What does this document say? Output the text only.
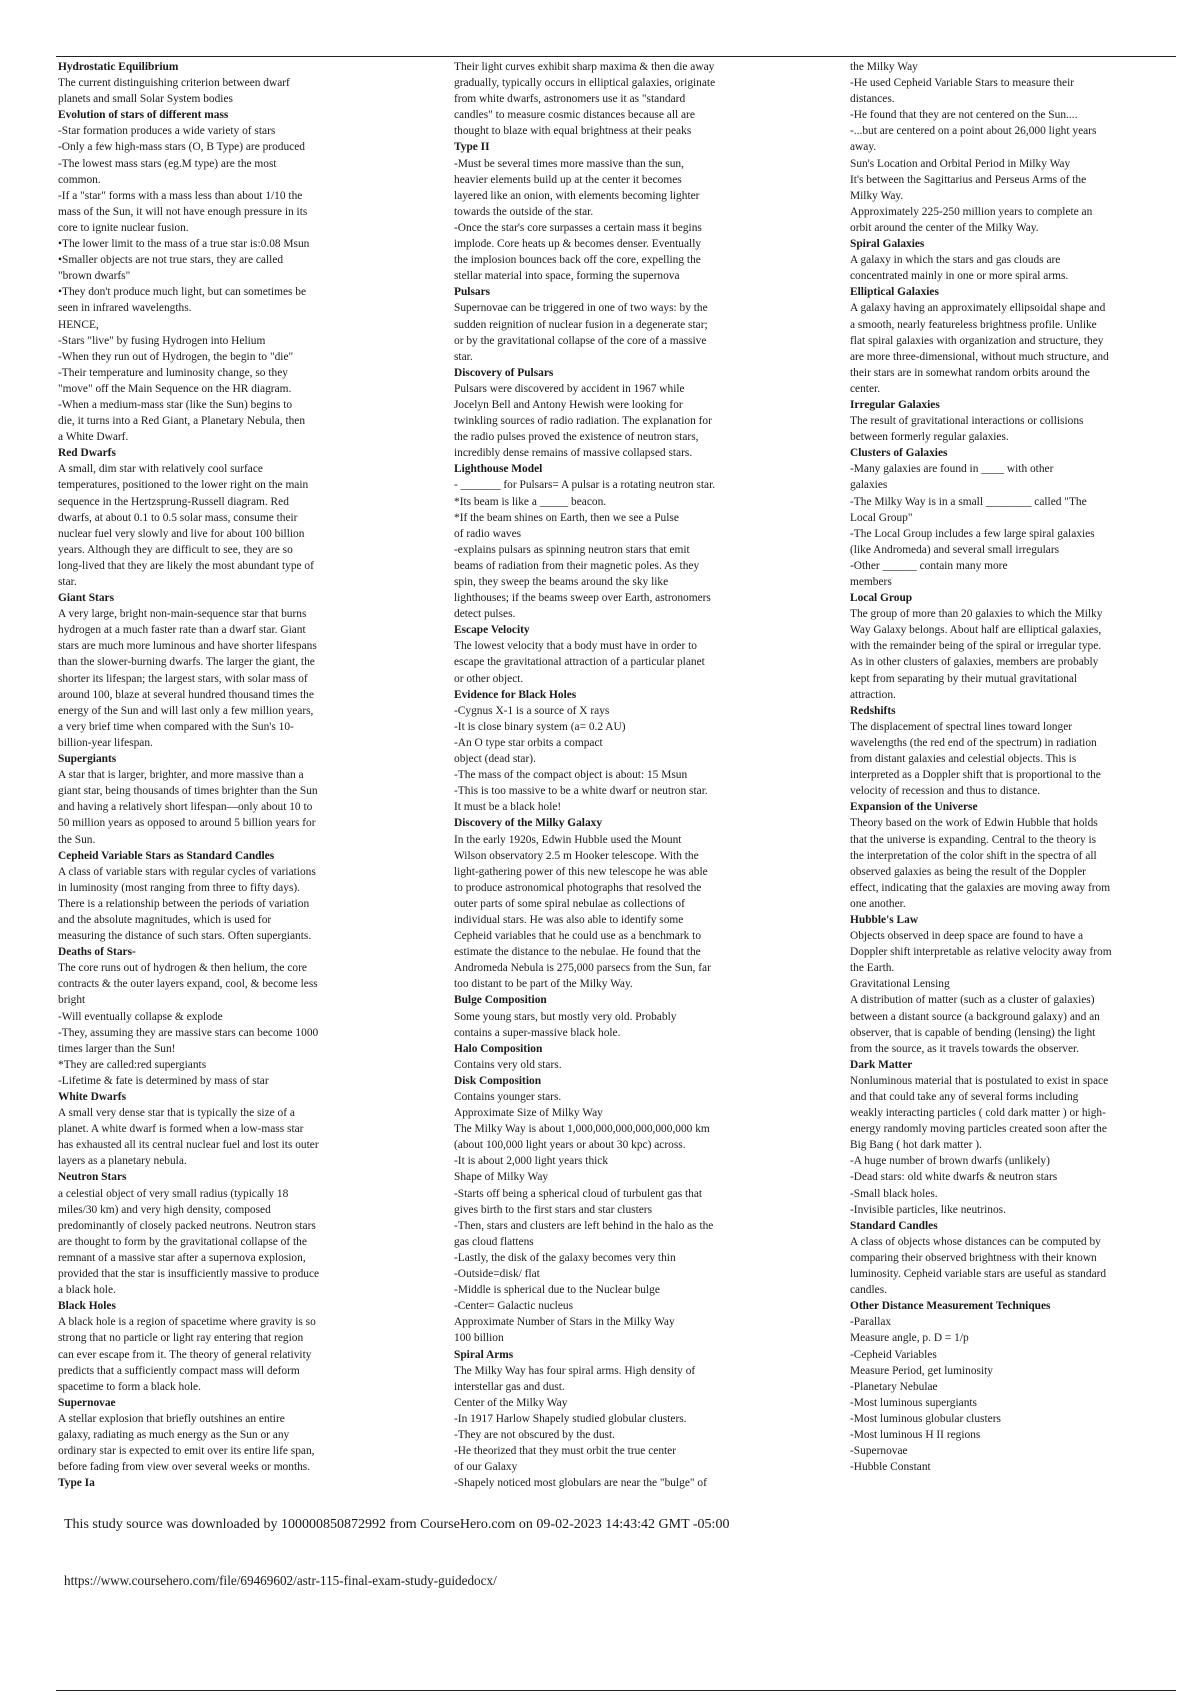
Hydrostatic Equilibrium
The current distinguishing criterion between dwarf
planets and small Solar System bodies
Evolution of stars of different mass
-Star formation produces a wide variety of stars
-Only a few high-mass stars (O, B Type) are produced
-The lowest mass stars (eg.M type) are the most
common.
-If a "star" forms with a mass less than about 1/10 the
mass of the Sun, it will not have enough pressure in its
core to ignite nuclear fusion.
•The lower limit to the mass of a true star is:0.08 Msun
•Smaller objects are not true stars, they are called
"brown dwarfs"
•They don't produce much light, but can sometimes be
seen in infrared wavelengths.
HENCE,
-Stars "live" by fusing Hydrogen into Helium
-When they run out of Hydrogen, the begin to "die"
-Their temperature and luminosity change, so they
"move" off the Main Sequence on the HR diagram.
-When a medium-mass star (like the Sun) begins to
die, it turns into a Red Giant, a Planetary Nebula, then
a White Dwarf.
Red Dwarfs
A small, dim star with relatively cool surface
temperatures, positioned to the lower right on the main
sequence in the Hertzsprung-Russell diagram. Red
dwarfs, at about 0.1 to 0.5 solar mass, consume their
nuclear fuel very slowly and live for about 100 billion
years. Although they are difficult to see, they are so
long-lived that they are likely the most abundant type of
star.
Giant Stars
A very large, bright non-main-sequence star that burns
hydrogen at a much faster rate than a dwarf star. Giant
stars are much more luminous and have shorter lifespans
than the slower-burning dwarfs. The larger the giant, the
shorter its lifespan; the largest stars, with solar mass of
around 100, blaze at several hundred thousand times the
energy of the Sun and will last only a few million years,
a very brief time when compared with the Sun's 10-
billion-year lifespan.
Supergiants
A star that is larger, brighter, and more massive than a
giant star, being thousands of times brighter than the Sun
and having a relatively short lifespan—only about 10 to
50 million years as opposed to around 5 billion years for
the Sun.
Cepheid Variable Stars as Standard Candles
A class of variable stars with regular cycles of variations
in luminosity (most ranging from three to fifty days).
There is a relationship between the periods of variation
and the absolute magnitudes, which is used for
measuring the distance of such stars. Often supergiants.
Deaths of Stars-
The core runs out of hydrogen & then helium, the core
contracts & the outer layers expand, cool, & become less
bright
-Will eventually collapse & explode
-They, assuming they are massive stars can become 1000
times larger than the Sun!
*They are called:red supergiants
-Lifetime & fate is determined by mass of star
White Dwarfs
A small very dense star that is typically the size of a
planet. A white dwarf is formed when a low-mass star
has exhausted all its central nuclear fuel and lost its outer
layers as a planetary nebula.
Neutron Stars
a celestial object of very small radius (typically 18
miles/30 km) and very high density, composed
predominantly of closely packed neutrons. Neutron stars
are thought to form by the gravitational collapse of the
remnant of a massive star after a supernova explosion,
provided that the star is insufficiently massive to produce
a black hole.
Black Holes
A black hole is a region of spacetime where gravity is so
strong that no particle or light ray entering that region
can ever escape from it. The theory of general relativity
predicts that a sufficiently compact mass will deform
spacetime to form a black hole.
Supernovae
A stellar explosion that briefly outshines an entire
galaxy, radiating as much energy as the Sun or any
ordinary star is expected to emit over its entire life span,
before fading from view over several weeks or months.
Type Ia
Their light curves exhibit sharp maxima & then die away
gradually, typically occurs in elliptical galaxies, originate
from white dwarfs, astronomers use it as "standard
candles" to measure cosmic distances because all are
thought to blaze with equal brightness at their peaks
Type II
-Must be several times more massive than the sun,
heavier elements build up at the center it becomes
layered like an onion, with elements becoming lighter
towards the outside of the star.
-Once the star's core surpasses a certain mass it begins
implode. Core heats up & becomes denser. Eventually
the implosion bounces back off the core, expelling the
stellar material into space, forming the supernova
Pulsars
Supernovae can be triggered in one of two ways: by the
sudden reignition of nuclear fusion in a degenerate star;
or by the gravitational collapse of the core of a massive
star.
Discovery of Pulsars
Pulsars were discovered by accident in 1967 while
Jocelyn Bell and Antony Hewish were looking for
twinkling sources of radio radiation. The explanation for
the radio pulses proved the existence of neutron stars,
incredibly dense remains of massive collapsed stars.
Lighthouse Model
- _______ for Pulsars= A pulsar is a rotating neutron star.
*Its beam is like a _____ beacon.
*If the beam shines on Earth, then we see a Pulse
of radio waves
-explains pulsars as spinning neutron stars that emit
beams of radiation from their magnetic poles. As they
spin, they sweep the beams around the sky like
lighthouses; if the beams sweep over Earth, astronomers
detect pulses.
Escape Velocity
The lowest velocity that a body must have in order to
escape the gravitational attraction of a particular planet
or other object.
Evidence for Black Holes
-Cygnus X-1 is a source of X rays
-It is close binary system (a= 0.2 AU)
-An O type star orbits a compact
object (dead star).
-The mass of the compact object is about: 15 Msun
-This is too massive to be a white dwarf or neutron star.
It must be a black hole!
Discovery of the Milky Galaxy
In the early 1920s, Edwin Hubble used the Mount
Wilson observatory 2.5 m Hooker telescope. With the
light-gathering power of this new telescope he was able
to produce astronomical photographs that resolved the
outer parts of some spiral nebulae as collections of
individual stars. He was also able to identify some
Cepheid variables that he could use as a benchmark to
estimate the distance to the nebulae. He found that the
Andromeda Nebula is 275,000 parsecs from the Sun, far
too distant to be part of the Milky Way.
Bulge Composition
Some young stars, but mostly very old. Probably
contains a super-massive black hole.
Halo Composition
Contains very old stars.
Disk Composition
Contains younger stars.
Approximate Size of Milky Way
The Milky Way is about 1,000,000,000,000,000,000 km
(about 100,000 light years or about 30 kpc) across.
-It is about 2,000 light years thick
Shape of Milky Way
-Starts off being a spherical cloud of turbulent gas that
gives birth to the first stars and star clusters
-Then, stars and clusters are left behind in the halo as the
gas cloud flattens
-Lastly, the disk of the galaxy becomes very thin
-Outside=disk/ flat
-Middle is spherical due to the Nuclear bulge
-Center= Galactic nucleus
Approximate Number of Stars in the Milky Way
100 billion
Spiral Arms
The Milky Way has four spiral arms. High density of
interstellar gas and dust.
Center of the Milky Way
-In 1917 Harlow Shapely studied globular clusters.
-They are not obscured by the dust.
-He theorized that they must orbit the true center
of our Galaxy
-Shapely noticed most globulars are near the "bulge" of
the Milky Way
-He used Cepheid Variable Stars to measure their
distances.
-He found that they are not centered on the Sun....
-...but are centered on a point about 26,000 light years
away.
Sun's Location and Orbital Period in Milky Way
It's between the Sagittarius and Perseus Arms of the
Milky Way.
Approximately 225-250 million years to complete an
orbit around the center of the Milky Way.
Spiral Galaxies
A galaxy in which the stars and gas clouds are
concentrated mainly in one or more spiral arms.
Elliptical Galaxies
A galaxy having an approximately ellipsoidal shape and
a smooth, nearly featureless brightness profile. Unlike
flat spiral galaxies with organization and structure, they
are more three-dimensional, without much structure, and
their stars are in somewhat random orbits around the
center.
Irregular Galaxies
The result of gravitational interactions or collisions
between formerly regular galaxies.
Clusters of Galaxies
-Many galaxies are found in ____ with other
galaxies
-The Milky Way is in a small ________ called "The
Local Group"
-The Local Group includes a few large spiral galaxies
(like Andromeda) and several small irregulars
-Other ______ contain many more
members
Local Group
The group of more than 20 galaxies to which the Milky
Way Galaxy belongs. About half are elliptical galaxies,
with the remainder being of the spiral or irregular type.
As in other clusters of galaxies, members are probably
kept from separating by their mutual gravitational
attraction.
Redshifts
The displacement of spectral lines toward longer
wavelengths (the red end of the spectrum) in radiation
from distant galaxies and celestial objects. This is
interpreted as a Doppler shift that is proportional to the
velocity of recession and thus to distance.
Expansion of the Universe
Theory based on the work of Edwin Hubble that holds
that the universe is expanding. Central to the theory is
the interpretation of the color shift in the spectra of all
observed galaxies as being the result of the Doppler
effect, indicating that the galaxies are moving away from
one another.
Hubble's Law
Objects observed in deep space are found to have a
Doppler shift interpretable as relative velocity away from
the Earth.
Gravitational Lensing
A distribution of matter (such as a cluster of galaxies)
between a distant source (a background galaxy) and an
observer, that is capable of bending (lensing) the light
from the source, as it travels towards the observer.
Dark Matter
Nonluminous material that is postulated to exist in space
and that could take any of several forms including
weakly interacting particles ( cold dark matter ) or high-
energy randomly moving particles created soon after the
Big Bang ( hot dark matter ).
-A huge number of brown dwarfs (unlikely)
-Dead stars: old white dwarfs & neutron stars
-Small black holes.
-Invisible particles, like neutrinos.
Standard Candles
A class of objects whose distances can be computed by
comparing their observed brightness with their known
luminosity. Cepheid variable stars are useful as standard
candles.
Other Distance Measurement Techniques
-Parallax
Measure angle, p. D = 1/p
-Cepheid Variables
Measure Period, get luminosity
-Planetary Nebulae
-Most luminous supergiants
-Most luminous globular clusters
-Most luminous H II regions
-Supernovae
-Hubble Constant
This study source was downloaded by 100000850872992 from CourseHero.com on 09-02-2023 14:43:42 GMT -05:00
https://www.coursehero.com/file/69469602/astr-115-final-exam-study-guidedocx/
